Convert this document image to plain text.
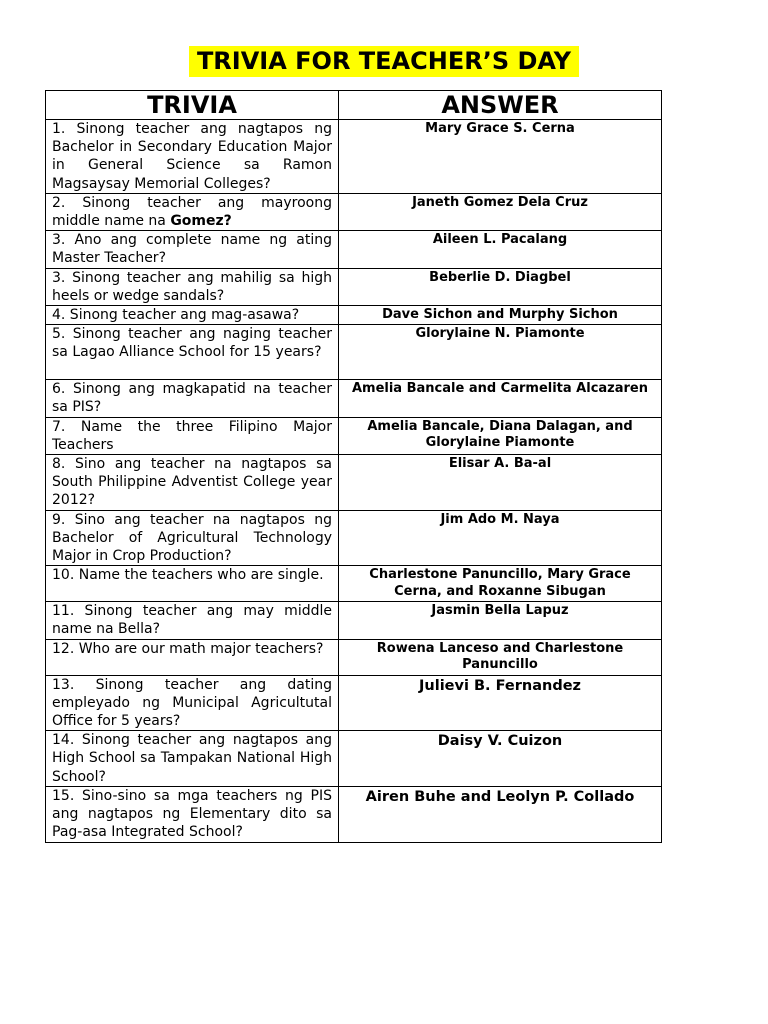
TRIVIA FOR TEACHER’S DAY
TRIVIA	ANSWER

1. Sinong teacher ang nagtapos ng Bachelor in Secondary Education Major in General Science sa Ramon Magsaysay Memorial Colleges?	Mary Grace S. Cerna

2. Sinong teacher ang mayroong middle name na Gomez?	Janeth Gomez Dela Cruz

3. Ano ang complete name ng ating Master Teacher?	Aileen L. Pacalang

3. Sinong teacher ang mahilig sa high heels or wedge sandals?	Beberlie D. Diagbel

4. Sinong teacher ang mag-asawa?	Dave Sichon and Murphy Sichon

5. Sinong teacher ang naging teacher sa Lagao Alliance School for 15 years?	Glorylaine N. Piamonte

6. Sinong ang magkapatid na teacher sa PIS?	Amelia Bancale and Carmelita Alcazaren

7. Name the three Filipino Major Teachers	Amelia Bancale, Diana Dalagan, and Glorylaine Piamonte

8. Sino ang teacher na nagtapos sa South Philippine Adventist College year 2012?	Elisar A. Ba-al

9. Sino ang teacher na nagtapos ng Bachelor of Agricultural Technology Major in Crop Production?	Jim Ado M. Naya

10. Name the teachers who are single.	Charlestone Panuncillo, Mary Grace Cerna, and Roxanne Sibugan

11. Sinong teacher ang may middle name na Bella?	Jasmin Bella Lapuz

12. Who are our math major teachers?	Rowena Lanceso and Charlestone Panuncillo

13. Sinong teacher ang dating empleyado ng Municipal Agricultutal Office for 5 years?	Julievi B. Fernandez

14. Sinong teacher ang nagtapos ang High School sa Tampakan National High School?	Daisy V. Cuizon

15. Sino-sino sa mga teachers ng PIS ang nagtapos ng Elementary dito sa Pag-asa Integrated School?	Airen Buhe and Leolyn P. Collado
